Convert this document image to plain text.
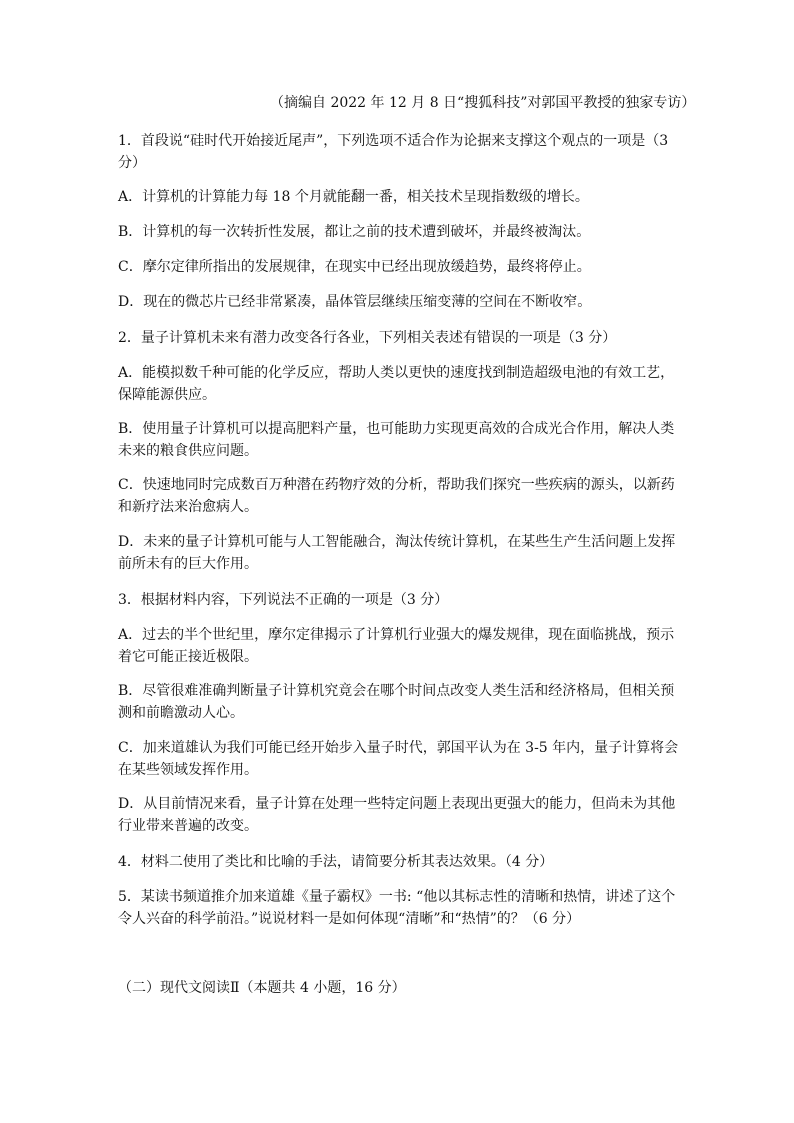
（摘编自 2022 年 12 月 8 日“搜狐科技”对郭国平教授的独家专访）

1．首段说“硅时代开始接近尾声”，下列选项不适合作为论据来支撑这个观点的一项是（3分）

A．计算机的计算能力每 18 个月就能翻一番，相关技术呈现指数级的增长。

B．计算机的每一次转折性发展，都让之前的技术遭到破坏，并最终被淘汰。

C．摩尔定律所指出的发展规律，在现实中已经出现放缓趋势，最终将停止。

D．现在的微芯片已经非常紧凑，晶体管层继续压缩变薄的空间在不断收窄。

2．量子计算机未来有潜力改变各行各业，下列相关表述有错误的一项是（3 分）

A．能模拟数千种可能的化学反应，帮助人类以更快的速度找到制造超级电池的有效工艺，保障能源供应。

B．使用量子计算机可以提高肥料产量，也可能助力实现更高效的合成光合作用，解决人类未来的粮食供应问题。

C．快速地同时完成数百万种潜在药物疗效的分析，帮助我们探究一些疾病的源头，以新药和新疗法来治愈病人。

D．未来的量子计算机可能与人工智能融合，淘汰传统计算机，在某些生产生活问题上发挥前所未有的巨大作用。

3．根据材料内容，下列说法不正确的一项是（3 分）

A．过去的半个世纪里，摩尔定律揭示了计算机行业强大的爆发规律，现在面临挑战，预示着它可能正接近极限。

B．尽管很难准确判断量子计算机究竟会在哪个时间点改变人类生活和经济格局，但相关预测和前瞻激动人心。

C．加来道雄认为我们可能已经开始步入量子时代，郭国平认为在 3-5 年内，量子计算将会在某些领域发挥作用。

D．从目前情况来看，量子计算在处理一些特定问题上表现出更强大的能力，但尚未为其他行业带来普遍的改变。

4．材料二使用了类比和比喻的手法，请简要分析其表达效果。（4 分）

5．某读书频道推介加来道雄《量子霸权》一书: “他以其标志性的清晰和热情，讲述了这个令人兴奋的科学前沿。”说说材料一是如何体现“清晰”和“热情”的？（6 分）

（二）现代文阅读Ⅱ（本题共 4 小题，16 分）
